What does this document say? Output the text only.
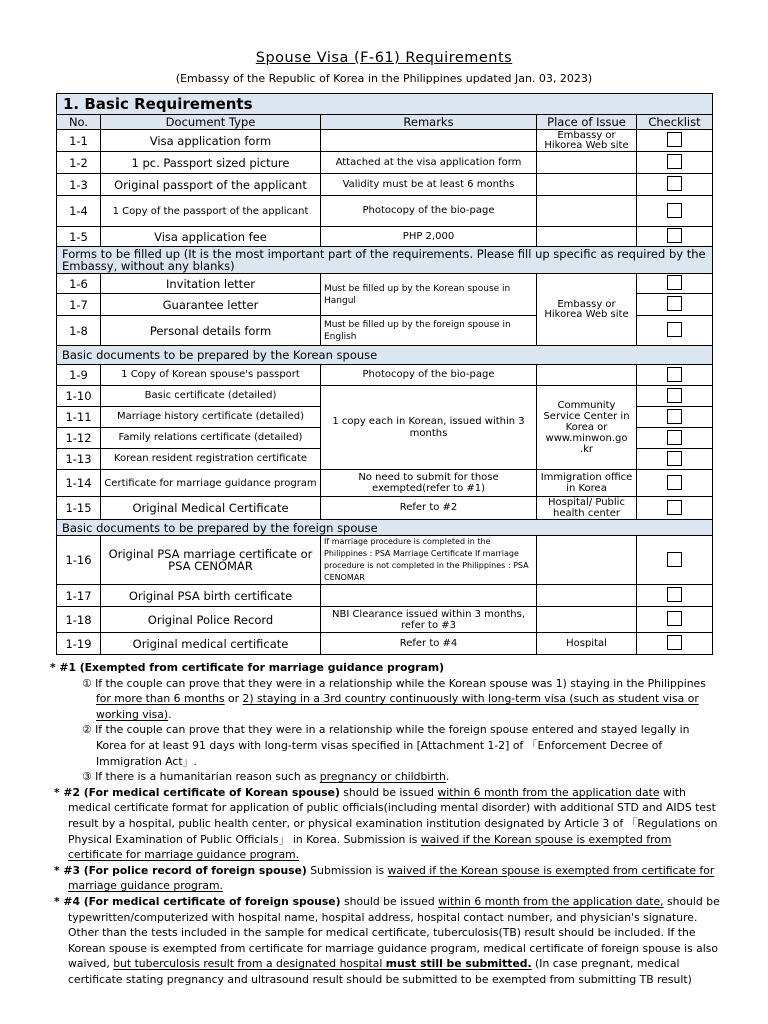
Spouse Visa (F-61) Requirements
(Embassy of the Republic of Korea in the Philippines updated Jan. 03, 2023)
1. Basic Requirements				
No.	Document Type	Remarks	Place of Issue	Checklist
1-1	Visa application form		Embassy or Hikorea Web site	
1-2	1 pc. Passport sized picture	Attached at the visa application form		
1-3	Original passport of the applicant	Validity must be at least 6 months		
1-4	1 Copy of the passport of the applicant	Photocopy of the bio-page		
1-5	Visa application fee	PHP 2,000		
Forms to be filled up (It is the most important part of the requirements. Please fill up specific as required by the Embassy, without any blanks)				
1-6	Invitation letter	Must be filled up by the Korean spouse in Hangul	Embassy or Hikorea Web site	
1-7	Guarantee letter			
1-8	Personal details form	Must be filled up by the foreign spouse in English		
Basic documents to be prepared by the Korean spouse				
1-9	1 Copy of Korean spouse's passport	Photocopy of the bio-page		
1-10	Basic certificate (detailed)	1 copy each in Korean, issued within 3 months	Community Service Center in Korea or www.minwon.go .kr	
1-11	Marriage history certificate (detailed)			
1-12	Family relations certificate (detailed)			
1-13	Korean resident registration certificate			
1-14	Certificate for marriage guidance program	No need to submit for those exempted(refer to #1)	Immigration office in Korea	
1-15	Original Medical Certificate	Refer to #2	Hospital/ Public health center	
Basic documents to be prepared by the foreign spouse				
1-16	Original PSA marriage certificate or PSA CENOMAR	If marriage procedure is completed in the Philippines : PSA Marriage Certificate If marriage procedure is not completed in the Philippines : PSA CENOMAR		
1-17	Original PSA birth certificate			
1-18	Original Police Record	NBI Clearance issued within 3 months, refer to #3		
1-19	Original medical certificate	Refer to #4	Hospital	

* #1 (Exempted from certificate for marriage guidance program)

① If the couple can prove that they were in a relationship while the Korean spouse was 1) staying in the Philippines for more than 6 months or 2) staying in a 3rd country continuously with long-term visa (such as student visa or working visa).

② If the couple can prove that they were in a relationship while the foreign spouse entered and stayed legally in Korea for at least 91 days with long-term visas specified in [Attachment 1-2] of 「Enforcement Decree of Immigration Act」.

③ If there is a humanitarian reason such as pregnancy or childbirth.

* #2 (For medical certificate of Korean spouse) should be issued within 6 month from the application date with medical certificate format for application of public officials(including mental disorder) with additional STD and AIDS test result by a hospital, public health center, or physical examination institution designated by Article 3 of 「Regulations on Physical Examination of Public Officials」 in Korea. Submission is waived if the Korean spouse is exempted from certificate for marriage guidance program.

* #3 (For police record of foreign spouse) Submission is waived if the Korean spouse is exempted from certificate for marriage guidance program.

* #4 (For medical certificate of foreign spouse) should be issued within 6 month from the application date, should be typewritten/computerized with hospital name, hospital address, hospital contact number, and physician's signature. Other than the tests included in the sample for medical certificate, tuberculosis(TB) result should be included. If the Korean spouse is exempted from certificate for marriage guidance program, medical certificate of foreign spouse is also waived, but tuberculosis result from a designated hospital must still be submitted. (In case pregnant, medical certificate stating pregnancy and ultrasound result should be submitted to be exempted from submitting TB result)
